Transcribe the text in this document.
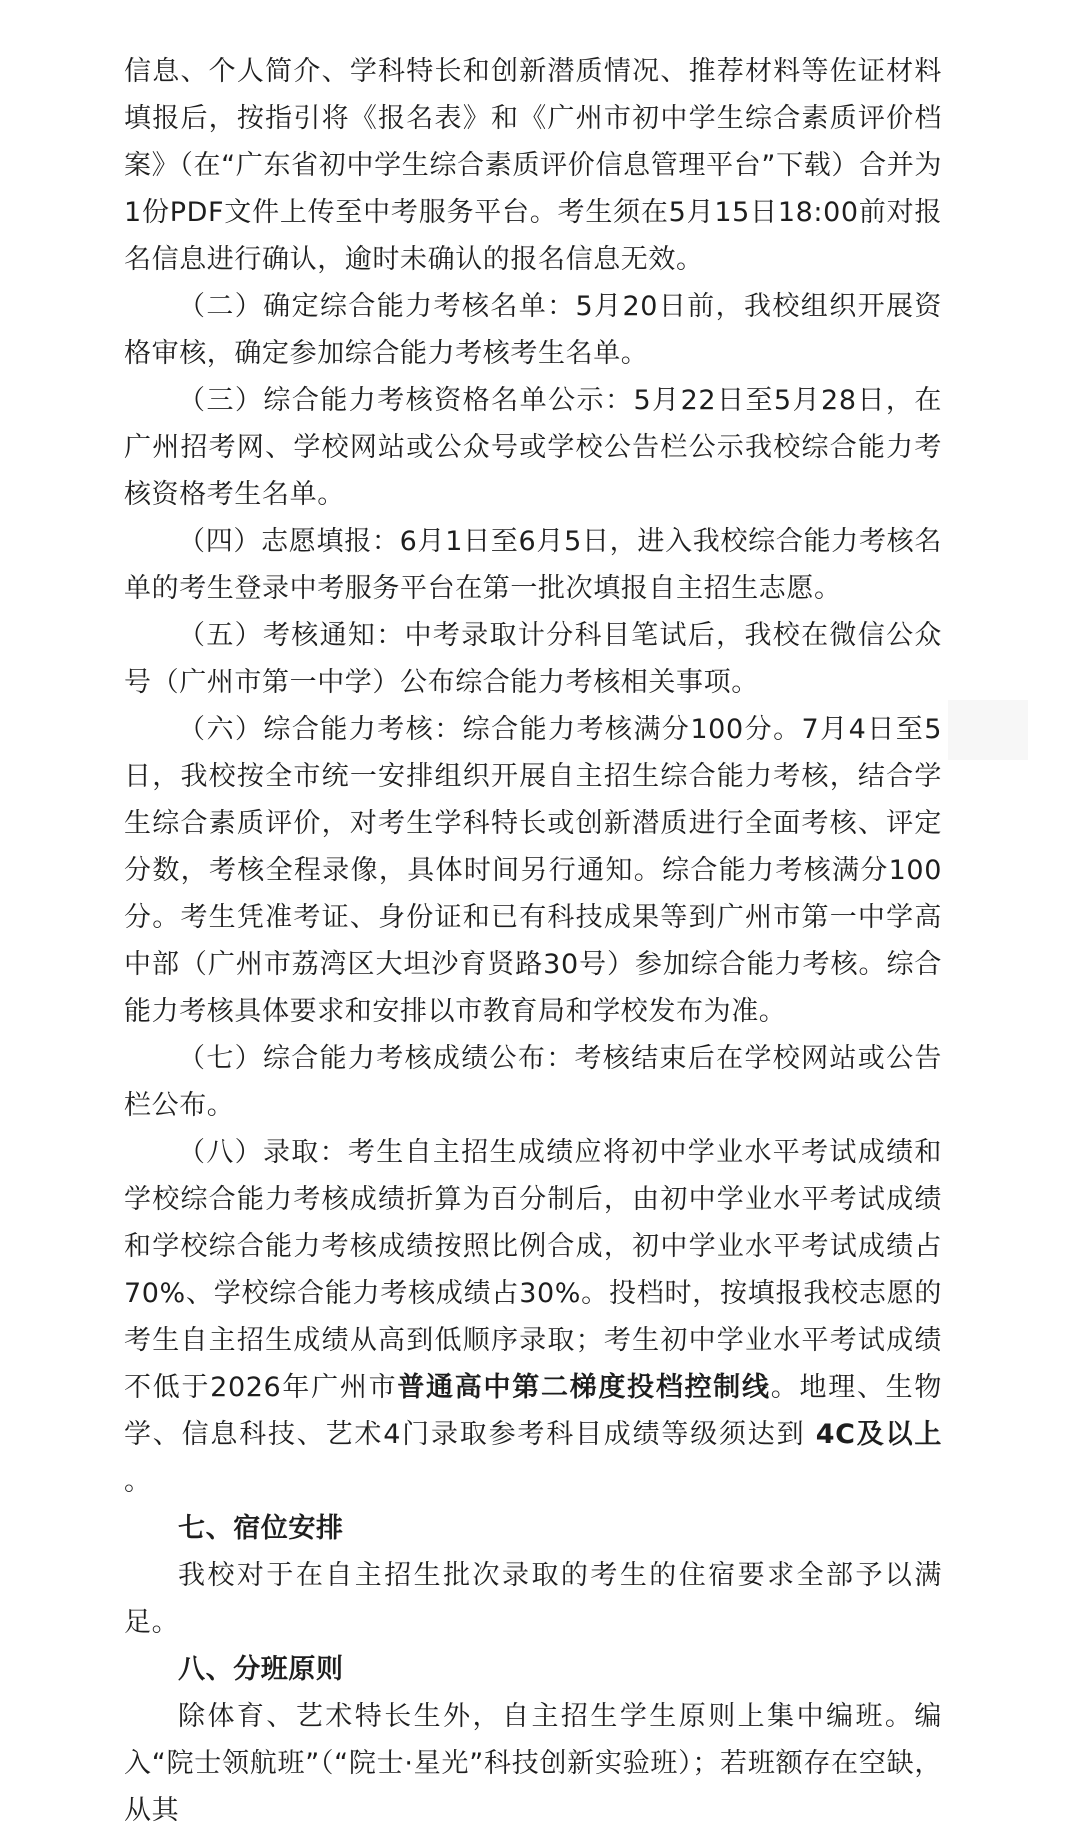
信息、个人简介、学科特长和创新潜质情况、推荐材料等佐证材料填报后，按指引将《报名表》和《广州市初中学生综合素质评价档案》（在“广东省初中学生综合素质评价信息管理平台”下载）合并为1份PDF文件上传至中考服务平台。考生须在5月15日18:00前对报名信息进行确认，逾时未确认的报名信息无效。

（二）确定综合能力考核名单：5月20日前，我校组织开展资格审核，确定参加综合能力考核考生名单。

（三）综合能力考核资格名单公示：5月22日至5月28日，在广州招考网、学校网站或公众号或学校公告栏公示我校综合能力考核资格考生名单。

（四）志愿填报：6月1日至6月5日，进入我校综合能力考核名单的考生登录中考服务平台在第一批次填报自主招生志愿。

（五）考核通知：中考录取计分科目笔试后，我校在微信公众号（广州市第一中学）公布综合能力考核相关事项。

（六）综合能力考核：综合能力考核满分100分。7月4日至5日，我校按全市统一安排组织开展自主招生综合能力考核，结合学生综合素质评价，对考生学科特长或创新潜质进行全面考核、评定分数，考核全程录像，具体时间另行通知。综合能力考核满分100分。考生凭准考证、身份证和已有科技成果等到广州市第一中学高中部（广州市荔湾区大坦沙育贤路30号）参加综合能力考核。综合能力考核具体要求和安排以市教育局和学校发布为准。

（七）综合能力考核成绩公布：考核结束后在学校网站或公告栏公布。

（八）录取：考生自主招生成绩应将初中学业水平考试成绩和学校综合能力考核成绩折算为百分制后，由初中学业水平考试成绩和学校综合能力考核成绩按照比例合成，初中学业水平考试成绩占70%、学校综合能力考核成绩占30%。投档时，按填报我校志愿的考生自主招生成绩从高到低顺序录取；考生初中学业水平考试成绩不低于2026年广州市普通高中第二梯度投档控制线。地理、生物学、信息科技、艺术4门录取参考科目成绩等级须达到 4C及以上 。

七、宿位安排

我校对于在自主招生批次录取的考生的住宿要求全部予以满足。

八、分班原则

除体育、艺术特长生外，自主招生学生原则上集中编班。编入“院士领航班”（“院士·星光”科技创新实验班）；若班额存在空缺，从其
